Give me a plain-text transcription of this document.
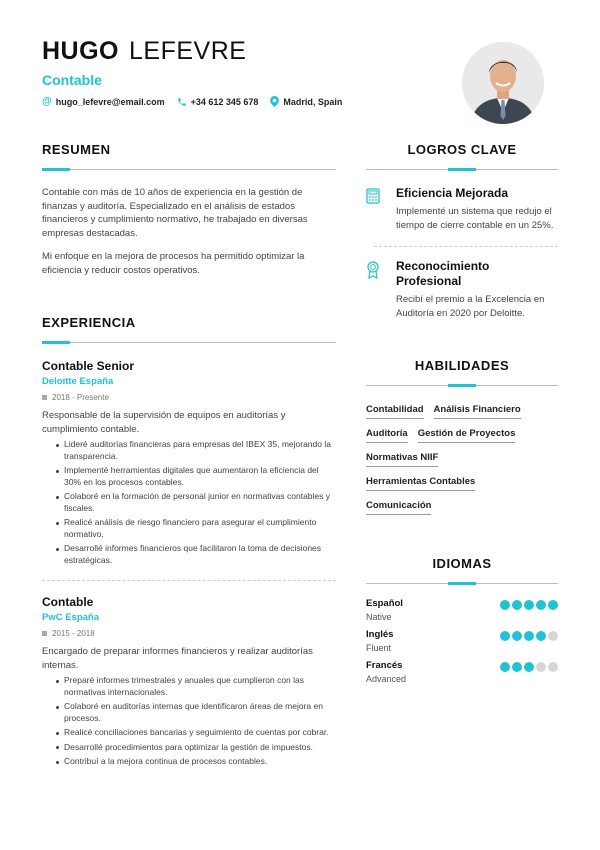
HUGO LEFEVRE
Contable
@ hugo_lefevre@email.com	+34 612 345 678	Madrid, Spain
RESUMEN

Contable con más de 10 años de experiencia en la gestión de finanzas y auditoría. Especializado en el análisis de estados financieros y cumplimiento normativo, he trabajado en diversas empresas destacadas.

Mi enfoque en la mejora de procesos ha permitido optimizar la eficiencia y reducir costos operativos.

EXPERIENCIA
Contable Senior
Deloitte España
2018 - Presente

Responsable de la supervisión de equipos en auditorías y cumplimiento contable.

Lideré auditorías financieras para empresas del IBEX 35, mejorando la transparencia.
Implementé herramientas digitales que aumentaron la eficiencia del 30% en los procesos contables.
Colaboré en la formación de personal junior en normativas contables y fiscales.
Realicé análisis de riesgo financiero para asegurar el cumplimiento normativo.
Desarrollé informes financieros que facilitaron la toma de decisiones estratégicas.
Contable
PwC España
2015 - 2018

Encargado de preparar informes financieros y realizar auditorías internas.

Preparé informes trimestrales y anuales que cumplieron con las normativas internacionales.
Colaboré en auditorías internas que identificaron áreas de mejora en procesos.
Realicé conciliaciones bancarias y seguimiento de cuentas por cobrar.
Desarrollé procedimientos para optimizar la gestión de impuestos.
Contribuí a la mejora continua de procesos contables.
LOGROS CLAVE
Eficiencia Mejorada
Implementé un sistema que redujo el tiempo de cierre contable en un 25%.
Reconocimiento Profesional
Recibí el premio a la Excelencia en Auditoría en 2020 por Deloitte.
HABILIDADES
Contabilidad Análisis Financiero
Auditoría Gestión de Proyectos
Normativas NIIF
Herramientas Contables
Comunicación
IDIOMAS
Español
Native
Inglés
Fluent
Francés
Advanced
